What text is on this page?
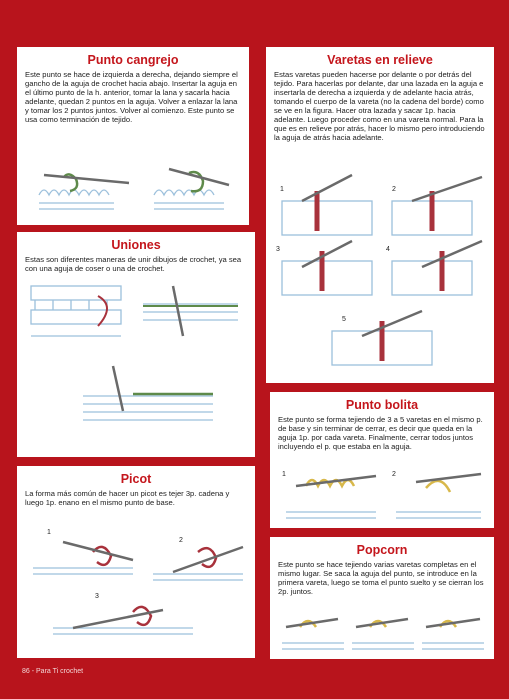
Punto cangrejo
Este punto se hace de izquierda a derecha, dejando siempre el gancho de la aguja de crochet hacia abajo. Insertar la aguja en el último punto de la h. anterior, tomar la lana y sacarla hacia adelante, quedan 2 puntos en la aguja. Volver a enlazar la lana y tomar los 2 puntos juntos. Volver al comienzo. Este punto se usa como terminación de tejido.
Uniones
Estas son diferentes maneras de unir dibujos de crochet, ya sea con una aguja de coser o una de crochet.
Picot
La forma más común de hacer un picot es tejer 3p. cadena y luego 1p. enano en el mismo punto de base.
1
2
3
Varetas en relieve
Estas varetas pueden hacerse por delante o por detrás del tejido. Para hacerlas por delante, dar una lazada en la aguja e insertarla de derecha a izquierda y de adelante hacia atrás, tomando el cuerpo de la vareta (no la cadena del borde) como se ve en la figura. Hacer otra lazada y sacar 1p. hacia adelante. Luego proceder como en una vareta normal. Para la que es en relieve por atrás, hacer lo mismo pero introduciendo la aguja de atrás hacia adelante.
1	2
3	4
5
Punto bolita
Este punto se forma tejiendo de 3 a 5 varetas en el mismo p. de base y sin terminar de cerrar, es decir que queda en la aguja 1p. por cada vareta. Finalmente, cerrar todos juntos incluyendo el p. que estaba en la aguja.
1	2
Popcorn
Este punto se hace tejiendo varias varetas completas en el mismo lugar. Se saca la aguja del punto, se introduce en la primera vareta, luego se toma el punto suelto y se cierran los 2p. juntos.
86 - Para Ti crochet
